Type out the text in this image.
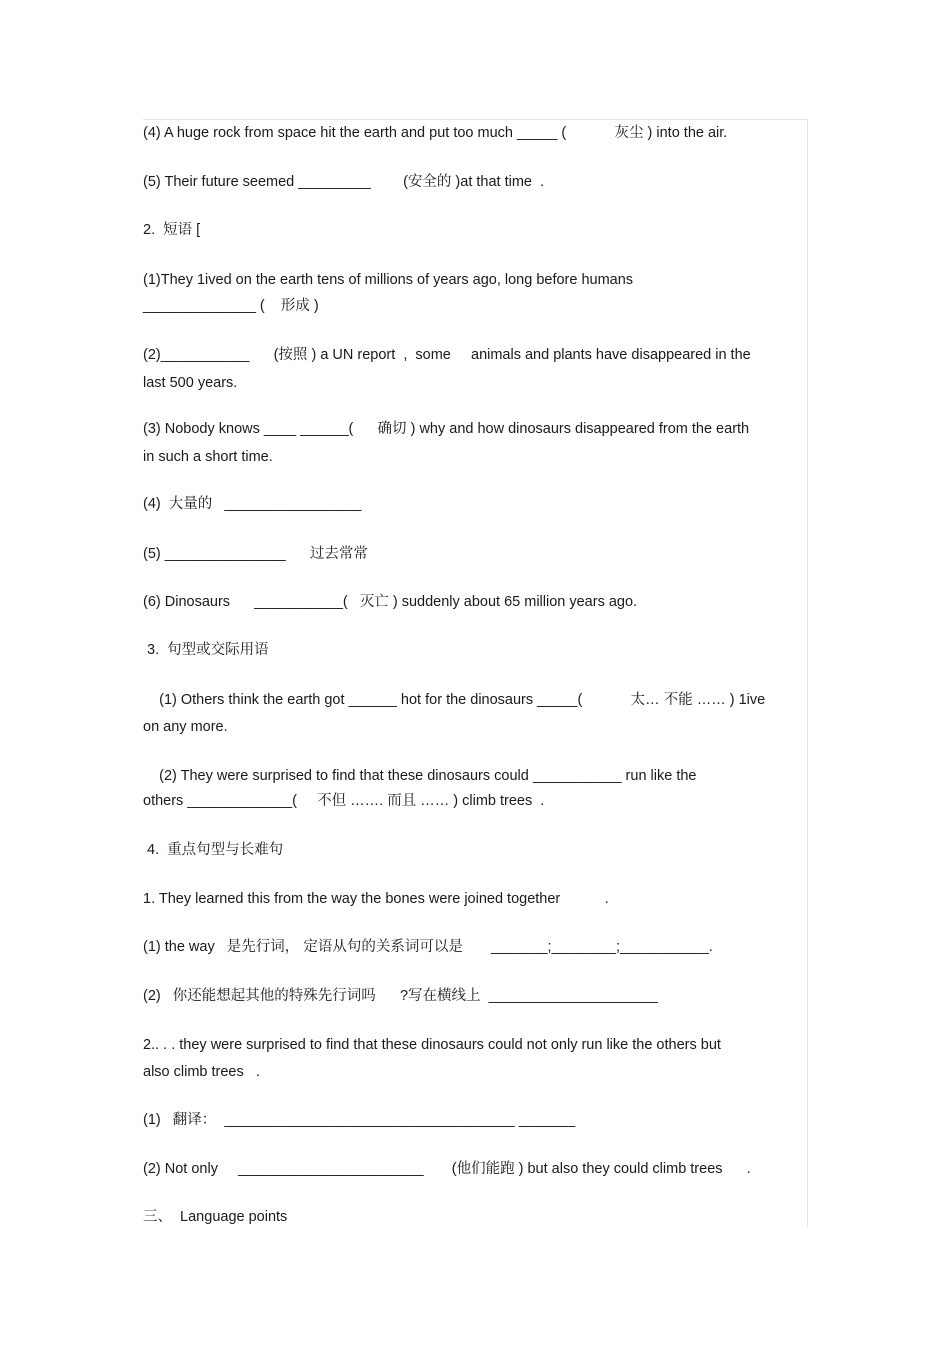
(4) A huge rock from space hit the earth and put too much _____ (            灰尘 ) into the air.
(5) Their future seemed _________        (安全的 )at that time  .
2.  短语 [
(1)They 1ived on the earth tens of millions of years ago, long before humans
______________ (    形成 )
(2)___________      (按照 ) a UN report  ,  some     animals and plants have disappeared in the
last 500 years.
(3) Nobody knows ____ ______(      确切 ) why and how dinosaurs disappeared from the earth
in such a short time.
(4)  大量的   _________________
(5) _______________      过去常常
(6) Dinosaurs      ___________(   灭亡 ) suddenly about 65 million years ago.
3.  句型或交际用语
(1) Others think the earth got ______ hot for the dinosaurs _____(            太… 不能 …… ) 1ive
on any more.
(2) They were surprised to find that these dinosaurs could ___________ run like the
others _____________(     不但 ……. 而且 …… ) climb trees  .
4.  重点句型与长难句
1. They learned this from the way the bones were joined together           .
(1) the way   是先行词， 定语从句的关系词可以是       _______;________;___________.
(2)   你还能想起其他的特殊先行词吗      ?写在横线上  _____________________
2.. . . they were surprised to find that these dinosaurs could not only run like the others but
also climb trees   .
(1)   翻译：  ____________________________________ _______
(2) Not only     _______________________       (他们能跑 ) but also they could climb trees      .
三、  Language points
